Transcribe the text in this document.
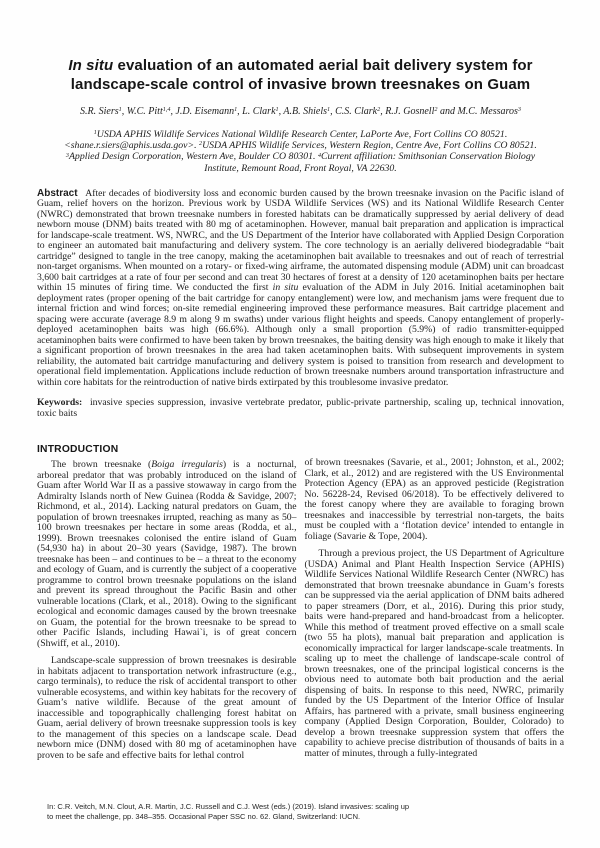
In situ evaluation of an automated aerial bait delivery system for
landscape-scale control of invasive brown treesnakes on Guam

S.R. Siers$^1$, W.C. Pitt$^{1,4}$, J.D. Eisemann$^1$, L. Clark$^1$, A.B. Shiels$^1$, C.S. Clark$^2$, R.J. Gosnell$^2$ and M.C. Messaros$^3$

$^1$USDA APHIS Wildlife Services National Wildlife Research Center, LaPorte Ave, Fort Collins CO 80521. <shane.r.siers@aphis.usda.gov>. $^2$USDA APHIS Wildlife Services, Western Region, Centre Ave, Fort Collins CO 80521. $^3$Applied Design Corporation, Western Ave, Boulder CO 80301. $^4$Current affiliation: Smithsonian Conservation Biology Institute, Remount Road, Front Royal, VA 22630.

Abstract After decades of biodiversity loss and economic burden caused by the brown treesnake invasion on the Pacific island of Guam, relief hovers on the horizon. Previous work by USDA Wildlife Services (WS) and its National Wildlife Research Center (NWRC) demonstrated that brown treesnake numbers in forested habitats can be dramatically suppressed by aerial delivery of dead newborn mouse (DNM) baits treated with 80 mg of acetaminophen. However, manual bait preparation and application is impractical for landscape-scale treatment. WS, NWRC, and the US Department of the Interior have collaborated with Applied Design Corporation to engineer an automated bait manufacturing and delivery system. The core technology is an aerially delivered biodegradable “bait cartridge” designed to tangle in the tree canopy, making the acetaminophen bait available to treesnakes and out of reach of terrestrial non-target organisms. When mounted on a rotary- or fixed-wing airframe, the automated dispensing module (ADM) unit can broadcast 3,600 bait cartridges at a rate of four per second and can treat 30 hectares of forest at a density of 120 acetaminophen baits per hectare within 15 minutes of firing time. We conducted the first in situ evaluation of the ADM in July 2016. Initial acetaminophen bait deployment rates (proper opening of the bait cartridge for canopy entanglement) were low, and mechanism jams were frequent due to internal friction and wind forces; on-site remedial engineering improved these performance measures. Bait cartridge placement and spacing were accurate (average 8.9 m along 9 m swaths) under various flight heights and speeds. Canopy entanglement of properly-deployed acetaminophen baits was high (66.6%). Although only a small proportion (5.9%) of radio transmitter-equipped acetaminophen baits were confirmed to have been taken by brown treesnakes, the baiting density was high enough to make it likely that a significant proportion of brown treesnakes in the area had taken acetaminophen baits. With subsequent improvements in system reliability, the automated bait cartridge manufacturing and delivery system is poised to transition from research and development to operational field implementation. Applications include reduction of brown treesnake numbers around transportation infrastructure and within core habitats for the reintroduction of native birds extirpated by this troublesome invasive predator.

Keywords: invasive species suppression, invasive vertebrate predator, public-private partnership, scaling up, technical innovation, toxic baits

INTRODUCTION

The brown treesnake (Boiga irregularis) is a nocturnal, arboreal predator that was probably introduced on the island of Guam after World War II as a passive stowaway in cargo from the Admiralty Islands north of New Guinea (Rodda & Savidge, 2007; Richmond, et al., 2014). Lacking natural predators on Guam, the population of brown treesnakes irrupted, reaching as many as 50–100 brown treesnakes per hectare in some areas (Rodda, et al., 1999). Brown treesnakes colonised the entire island of Guam (54,930 ha) in about 20–30 years (Savidge, 1987). The brown treesnake has been – and continues to be – a threat to the economy and ecology of Guam, and is currently the subject of a cooperative programme to control brown treesnake populations on the island and prevent its spread throughout the Pacific Basin and other vulnerable locations (Clark, et al., 2018). Owing to the significant ecological and economic damages caused by the brown treesnake on Guam, the potential for the brown treesnake to be spread to other Pacific Islands, including Hawai`i, is of great concern (Shwiff, et al., 2010).

Landscape-scale suppression of brown treesnakes is desirable in habitats adjacent to transportation network infrastructure (e.g., cargo terminals), to reduce the risk of accidental transport to other vulnerable ecosystems, and within key habitats for the recovery of Guam’s native wildlife. Because of the great amount of inaccessible and topographically challenging forest habitat on Guam, aerial delivery of brown treesnake suppression tools is key to the management of this species on a landscape scale. Dead newborn mice (DNM) dosed with 80 mg of acetaminophen have proven to be safe and effective baits for lethal control

of brown treesnakes (Savarie, et al., 2001; Johnston, et al., 2002; Clark, et al., 2012) and are registered with the US Environmental Protection Agency (EPA) as an approved pesticide (Registration No. 56228-24, Revised 06/2018). To be effectively delivered to the forest canopy where they are available to foraging brown treesnakes and inaccessible by terrestrial non-targets, the baits must be coupled with a ‘flotation device’ intended to entangle in foliage (Savarie & Tope, 2004).

Through a previous project, the US Department of Agriculture (USDA) Animal and Plant Health Inspection Service (APHIS) Wildlife Services National Wildlife Research Center (NWRC) has demonstrated that brown treesnake abundance in Guam’s forests can be suppressed via the aerial application of DNM baits adhered to paper streamers (Dorr, et al., 2016). During this prior study, baits were hand-prepared and hand-broadcast from a helicopter. While this method of treatment proved effective on a small scale (two 55 ha plots), manual bait preparation and application is economically impractical for larger landscape-scale treatments. In scaling up to meet the challenge of landscape-scale control of brown treesnakes, one of the principal logistical concerns is the obvious need to automate both bait production and the aerial dispensing of baits. In response to this need, NWRC, primarily funded by the US Department of the Interior Office of Insular Affairs, has partnered with a private, small business engineering company (Applied Design Corporation, Boulder, Colorado) to develop a brown treesnake suppression system that offers the capability to achieve precise distribution of thousands of baits in a matter of minutes, through a fully-integrated

In: C.R. Veitch, M.N. Clout, A.R. Martin, J.C. Russell and C.J. West (eds.) (2019). Island invasives: scaling up to meet the challenge, pp. 348–355. Occasional Paper SSC no. 62. Gland, Switzerland: IUCN.
